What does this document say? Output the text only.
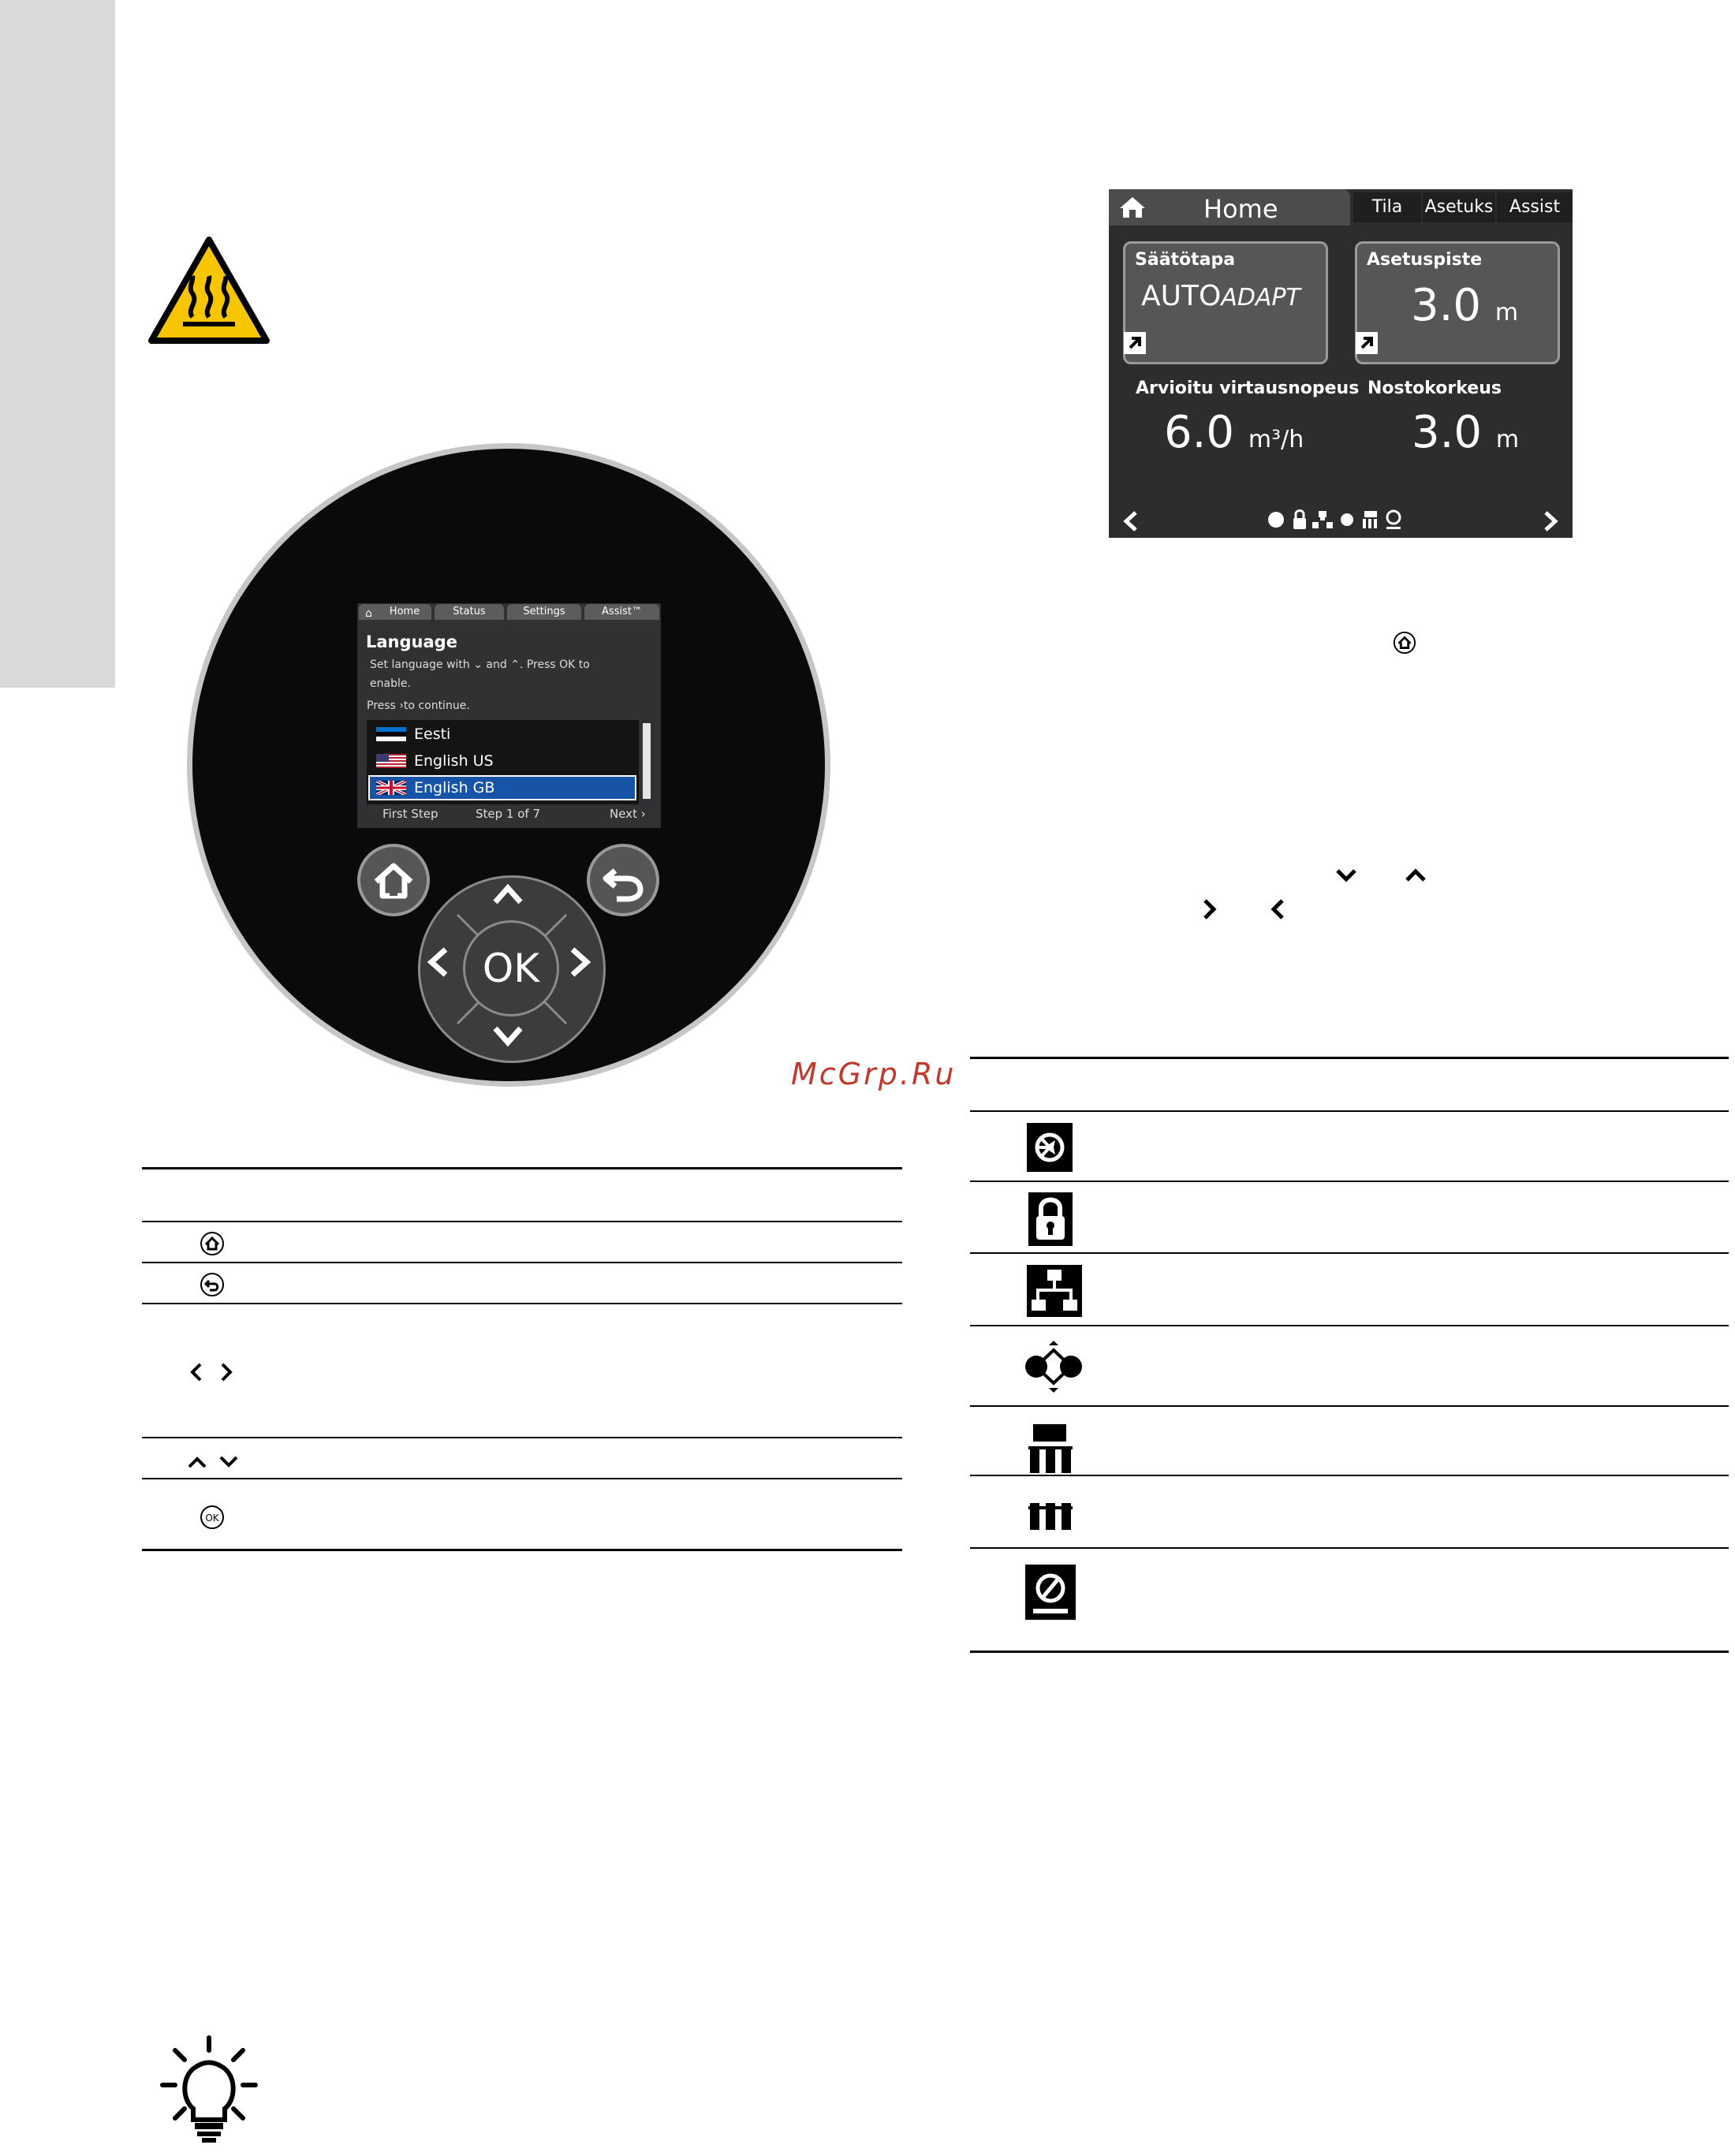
⌂ Home	Status	Settings	Assist™
Language
Set language with ⌄ and ⌃. Press OK to
enable.
Press ›to continue.
Eesti
English US
English GB
First Step	Step 1 of 7	Next ›
OK
McGrp.Ru
OK
Home	Tila	Asetuks Assist
Säätötapa
AUTOADAPT
Asetuspiste
3.0 m
Arvioitu virtausnopeus
6.0 m³/h
Nostokorkeus
3.0 m
